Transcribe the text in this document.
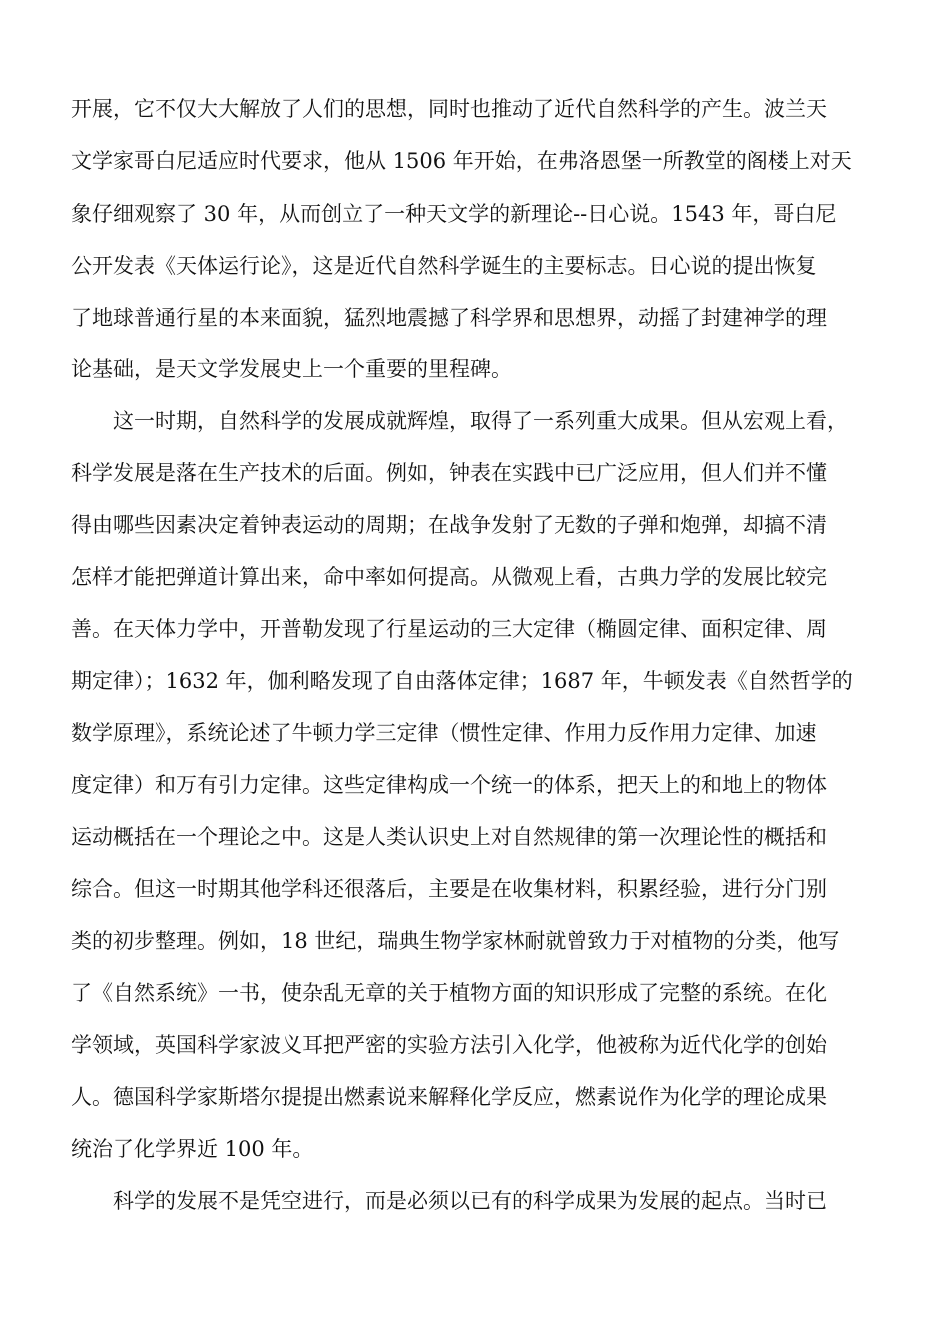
开展，它不仅大大解放了人们的思想，同时也推动了近代自然科学的产生。波兰天

文学家哥白尼适应时代要求，他从 1506 年开始，在弗洛恩堡一所教堂的阁楼上对天

象仔细观察了 30 年，从而创立了一种天文学的新理论--日心说。1543 年，哥白尼

公开发表《天体运行论》，这是近代自然科学诞生的主要标志。日心说的提出恢复

了地球普通行星的本来面貌，猛烈地震撼了科学界和思想界，动摇了封建神学的理

论基础，是天文学发展史上一个重要的里程碑。

这一时期，自然科学的发展成就辉煌，取得了一系列重大成果。但从宏观上看，

科学发展是落在生产技术的后面。例如，钟表在实践中已广泛应用，但人们并不懂

得由哪些因素决定着钟表运动的周期；在战争发射了无数的子弹和炮弹，却搞不清

怎样才能把弹道计算出来，命中率如何提高。从微观上看，古典力学的发展比较完

善。在天体力学中，开普勒发现了行星运动的三大定律（椭圆定律、面积定律、周

期定律）；1632 年，伽利略发现了自由落体定律；1687 年，牛顿发表《自然哲学的

数学原理》，系统论述了牛顿力学三定律（惯性定律、作用力反作用力定律、加速

度定律）和万有引力定律。这些定律构成一个统一的体系，把天上的和地上的物体

运动概括在一个理论之中。这是人类认识史上对自然规律的第一次理论性的概括和

综合。但这一时期其他学科还很落后，主要是在收集材料，积累经验，进行分门别

类的初步整理。例如，18 世纪，瑞典生物学家林耐就曾致力于对植物的分类，他写

了《自然系统》一书，使杂乱无章的关于植物方面的知识形成了完整的系统。在化

学领域，英国科学家波义耳把严密的实验方法引入化学，他被称为近代化学的创始

人。德国科学家斯塔尔提提出燃素说来解释化学反应，燃素说作为化学的理论成果

统治了化学界近 100 年。

科学的发展不是凭空进行，而是必须以已有的科学成果为发展的起点。当时已
